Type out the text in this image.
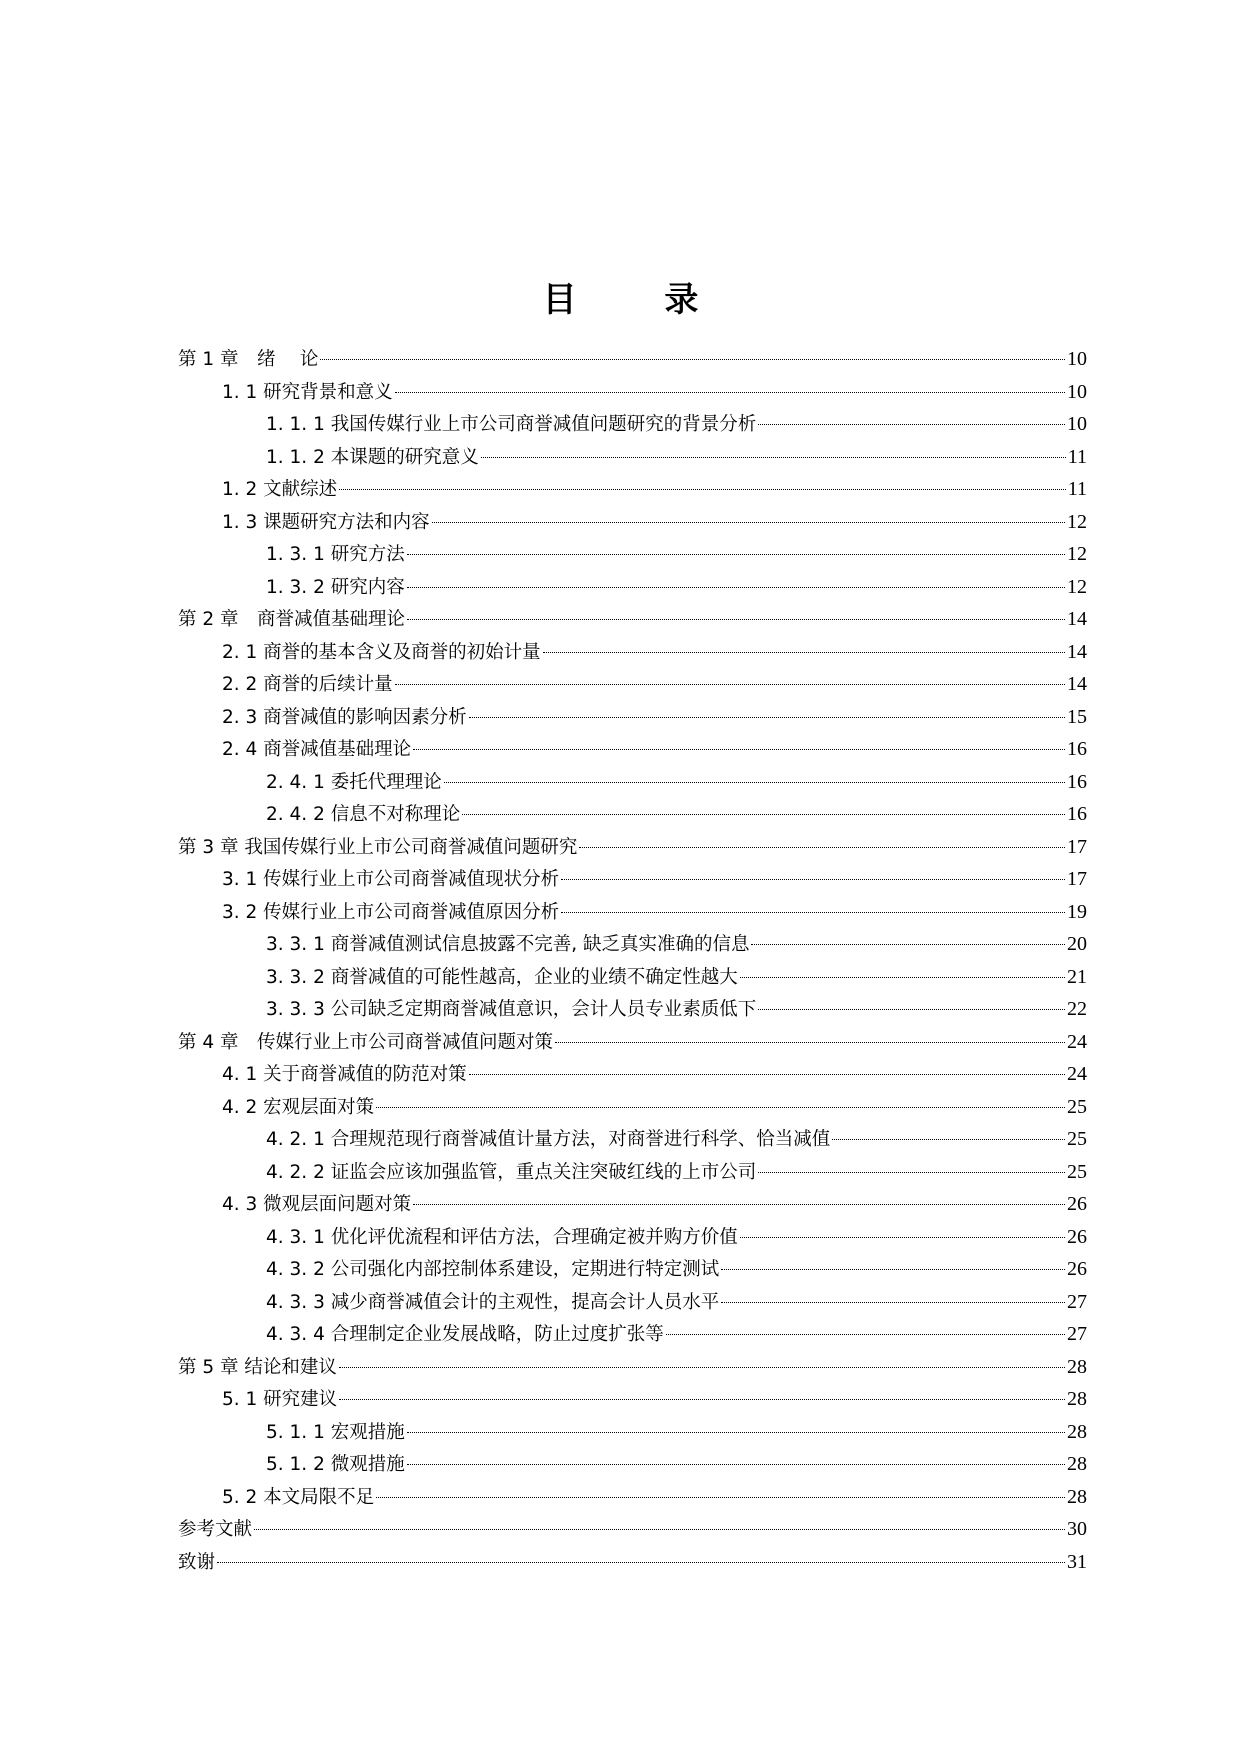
目 录
第 1 章　绪　 论	10
1. 1 研究背景和意义	10
1. 1. 1 我国传媒行业上市公司商誉减值问题研究的背景分析	10
1. 1. 2 本课题的研究意义	11
1. 2 文献综述	11
1. 3 课题研究方法和内容	12
1. 3. 1 研究方法	12
1. 3. 2 研究内容	12
第 2 章　商誉减值基础理论	14
2. 1 商誉的基本含义及商誉的初始计量	14
2. 2 商誉的后续计量	14
2. 3 商誉减值的影响因素分析	15
2. 4 商誉减值基础理论	16
2. 4. 1 委托代理理论	16
2. 4. 2 信息不对称理论	16
第 3 章 我国传媒行业上市公司商誉减值问题研究	17
3. 1 传媒行业上市公司商誉减值现状分析	17
3. 2 传媒行业上市公司商誉减值原因分析	19
3. 3. 1 商誉减值测试信息披露不完善, 缺乏真实准确的信息	20
3. 3. 2 商誉减值的可能性越高，企业的业绩不确定性越大	21
3. 3. 3 公司缺乏定期商誉减值意识，会计人员专业素质低下	22
第 4 章　传媒行业上市公司商誉减值问题对策	24
4. 1 关于商誉减值的防范对策	24
4. 2 宏观层面对策	25
4. 2. 1 合理规范现行商誉减值计量方法，对商誉进行科学、恰当减值	25
4. 2. 2 证监会应该加强监管，重点关注突破红线的上市公司	25
4. 3 微观层面问题对策	26
4. 3. 1 优化评优流程和评估方法，合理确定被并购方价值	26
4. 3. 2 公司强化内部控制体系建设，定期进行特定测试	26
4. 3. 3 减少商誉减值会计的主观性，提高会计人员水平	27
4. 3. 4 合理制定企业发展战略，防止过度扩张等	27
第 5 章 结论和建议	28
5. 1 研究建议	28
5. 1. 1 宏观措施	28
5. 1. 2 微观措施	28
5. 2 本文局限不足	28
参考文献	30
致谢	31
